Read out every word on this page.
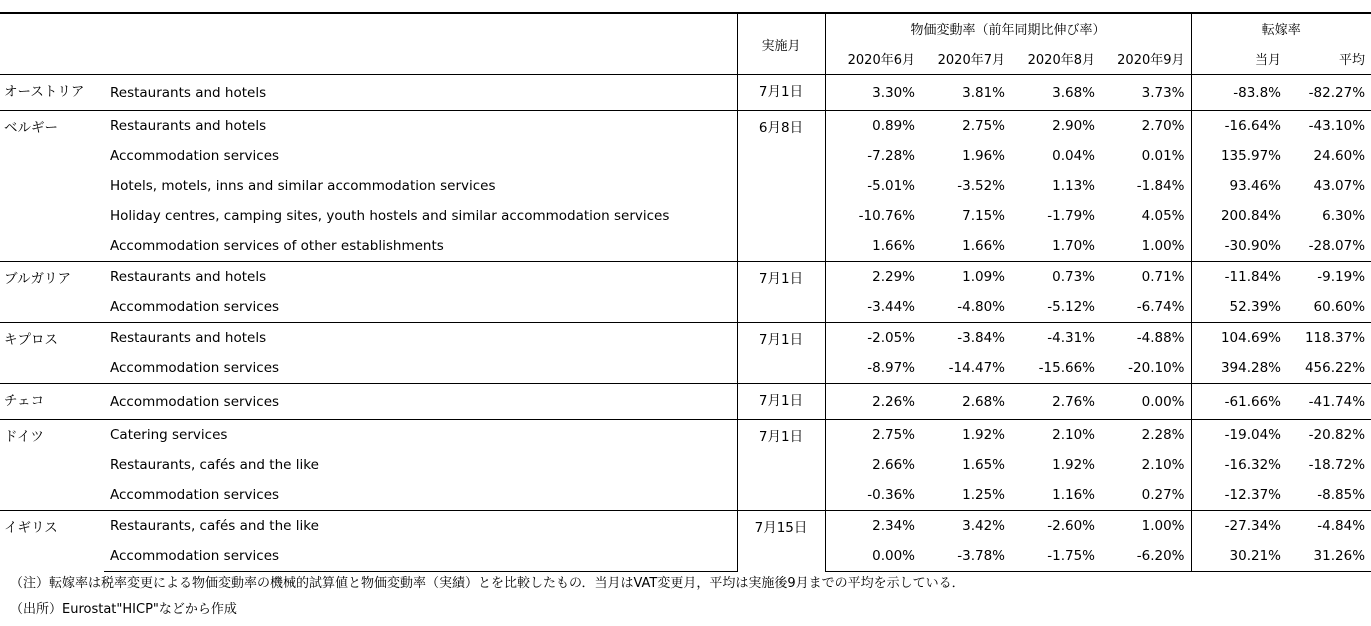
		実施月	物価変動率（前年同期比伸び率）				転嫁率	
			2020年6月	2020年7月	2020年8月	2020年9月	当月	平均
オーストリア	Restaurants and hotels	7月1日	3.30%	3.81%	3.68%	3.73%	-83.8%	-82.27%
ベルギー	Restaurants and hotels	6月8日	0.89%	2.75%	2.90%	2.70%	-16.64%	-43.10%
	Accommodation services		-7.28%	1.96%	0.04%	0.01%	135.97%	24.60%
	Hotels, motels, inns and similar accommodation services		-5.01%	-3.52%	1.13%	-1.84%	93.46%	43.07%
	Holiday centres, camping sites, youth hostels and similar accommodation services		-10.76%	7.15%	-1.79%	4.05%	200.84%	6.30%
	Accommodation services of other establishments		1.66%	1.66%	1.70%	1.00%	-30.90%	-28.07%
ブルガリア	Restaurants and hotels	7月1日	2.29%	1.09%	0.73%	0.71%	-11.84%	-9.19%
	Accommodation services		-3.44%	-4.80%	-5.12%	-6.74%	52.39%	60.60%
キプロス	Restaurants and hotels	7月1日	-2.05%	-3.84%	-4.31%	-4.88%	104.69%	118.37%
	Accommodation services		-8.97%	-14.47%	-15.66%	-20.10%	394.28%	456.22%
チェコ	Accommodation services	7月1日	2.26%	2.68%	2.76%	0.00%	-61.66%	-41.74%
ドイツ	Catering services	7月1日	2.75%	1.92%	2.10%	2.28%	-19.04%	-20.82%
	Restaurants, cafés and the like		2.66%	1.65%	1.92%	2.10%	-16.32%	-18.72%
	Accommodation services		-0.36%	1.25%	1.16%	0.27%	-12.37%	-8.85%
イギリス	Restaurants, cafés and the like	7月15日	2.34%	3.42%	-2.60%	1.00%	-27.34%	-4.84%
	Accommodation services		0.00%	-3.78%	-1.75%	-6.20%	30.21%	31.26%
（注）転嫁率は税率変更による物価変動率の機械的試算値と物価変動率（実績）とを比較したもの．当月はVAT変更月，平均は実施後9月までの平均を示している．
（出所）Eurostat"HICP"などから作成
